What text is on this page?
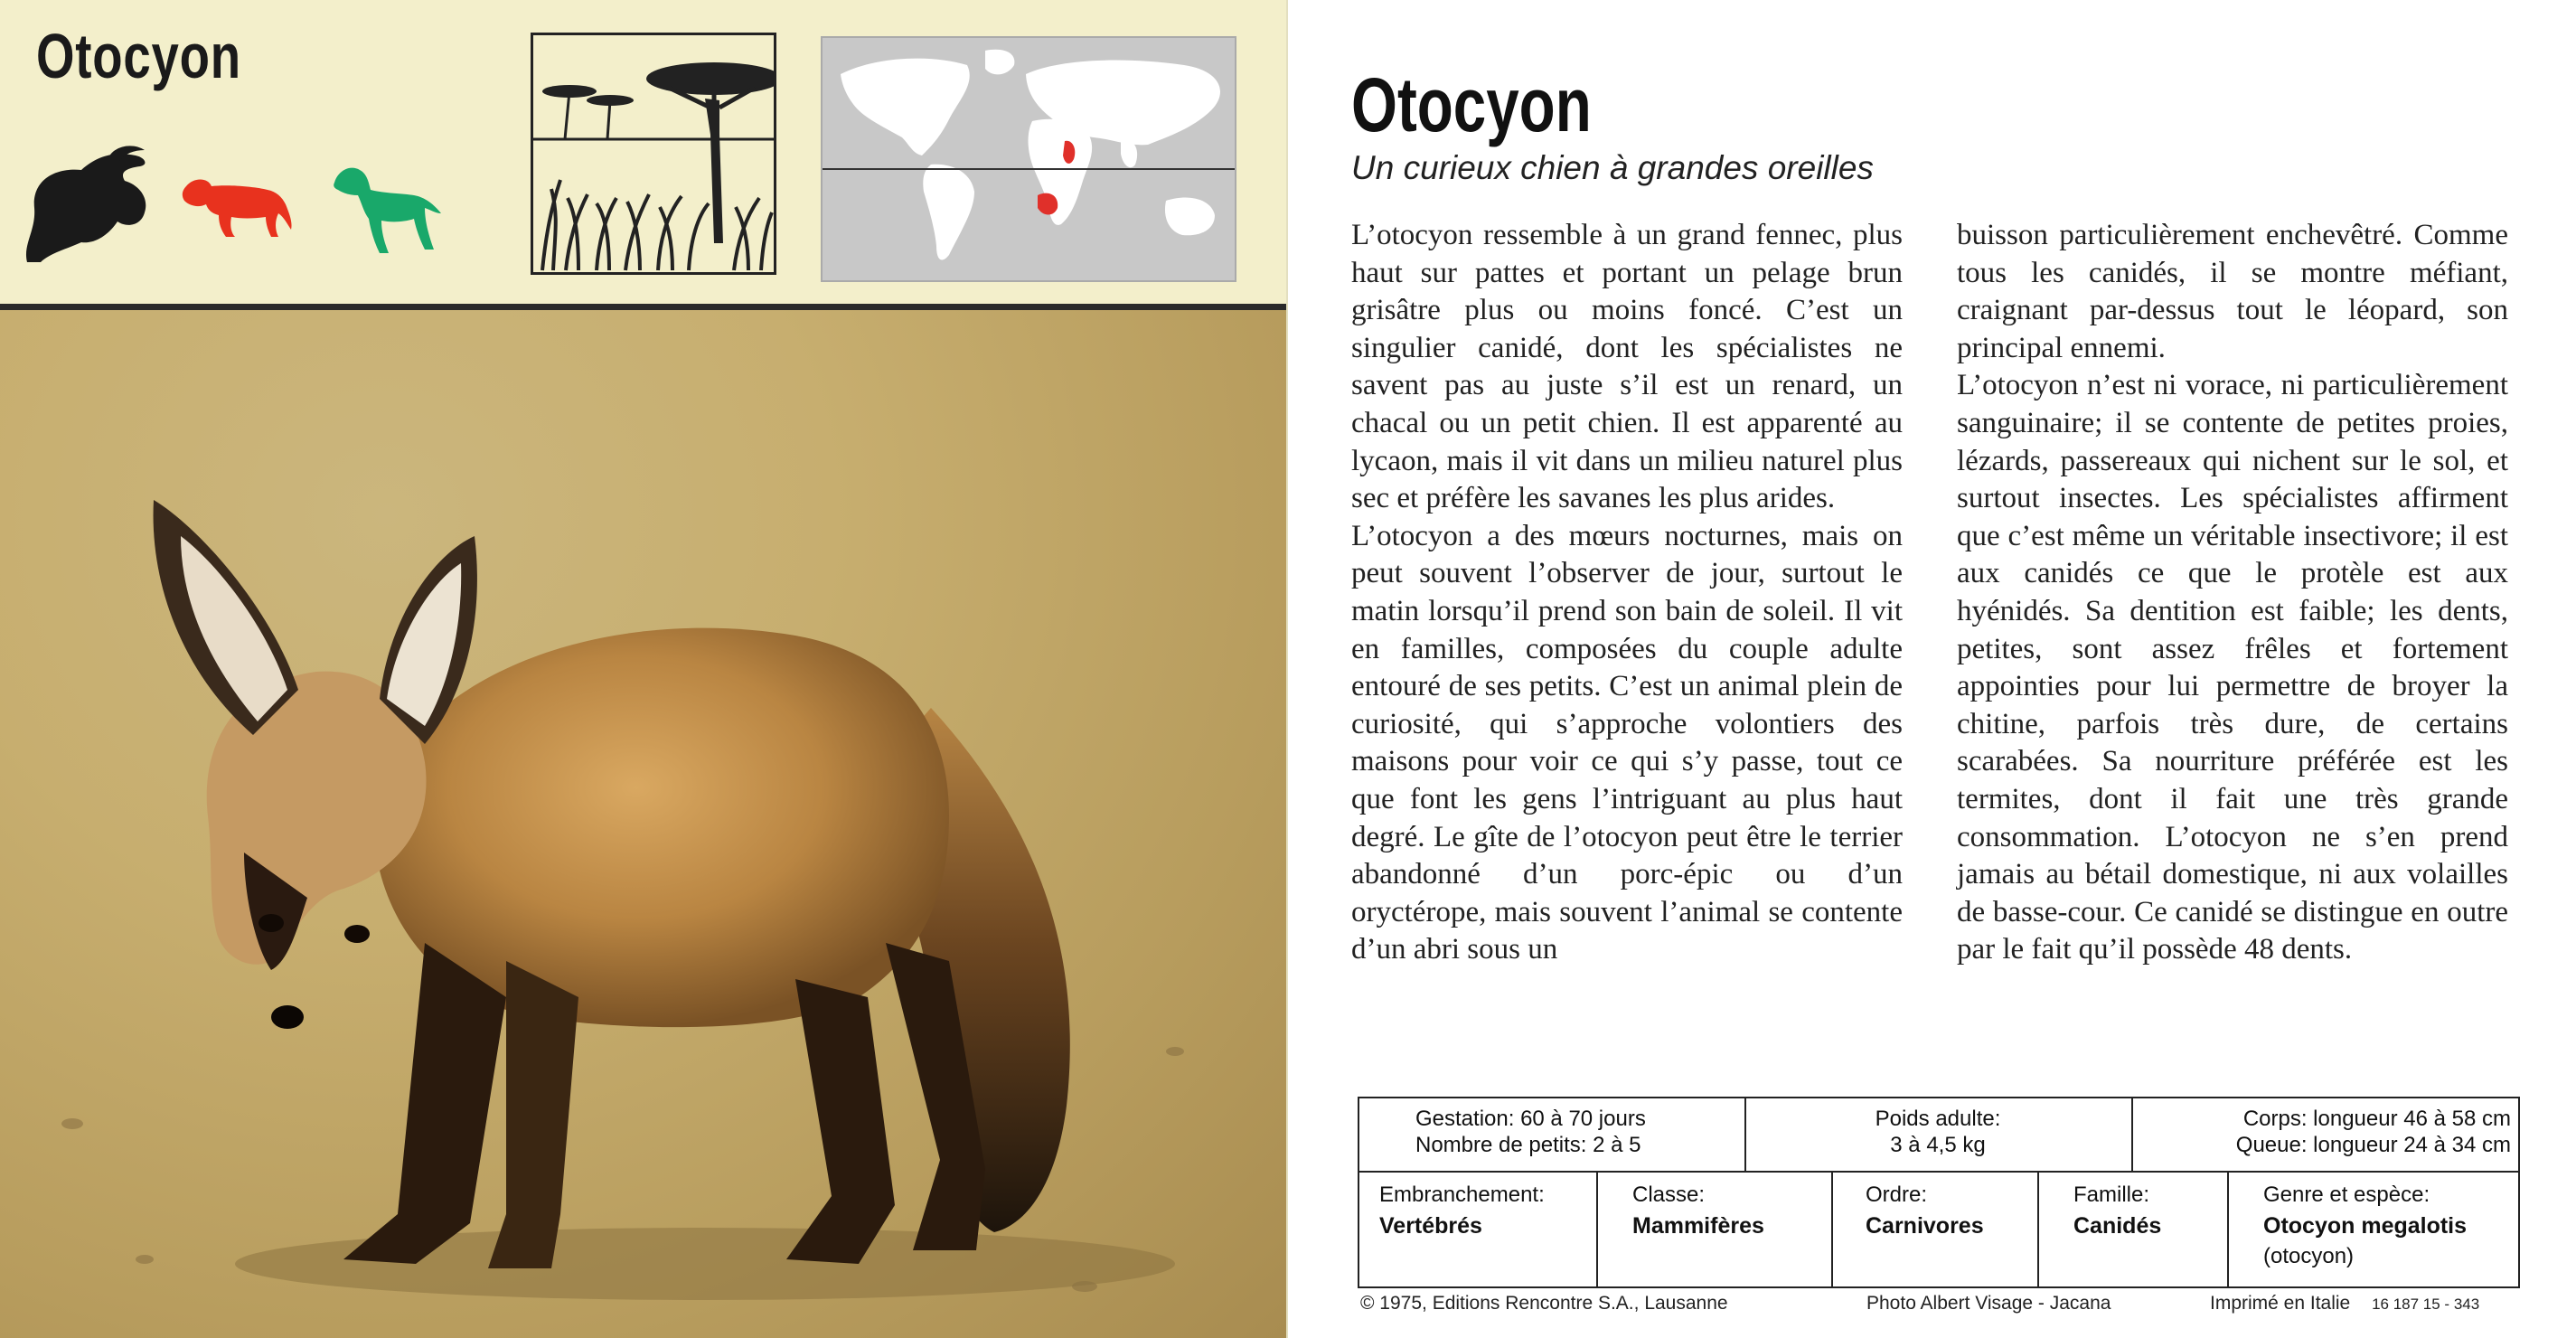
Otocyon
Otocyon
Un curieux chien à grandes oreilles

L’otocyon ressemble à un grand fennec, plus haut sur pattes et portant un pelage brun grisâtre plus ou moins foncé. C’est un singulier canidé, dont les spécialistes ne savent pas au juste s’il est un renard, un chacal ou un petit chien. Il est apparenté au lycaon, mais il vit dans un milieu naturel plus sec et préfère les savanes les plus arides.

L’otocyon a des mœurs nocturnes, mais on peut souvent l’observer de jour, surtout le matin lorsqu’il prend son bain de soleil. Il vit en familles, composées du couple adulte entouré de ses petits. C’est un animal plein de curiosité, qui s’approche volontiers des maisons pour voir ce qui s’y passe, tout ce que font les gens l’intriguant au plus haut degré. Le gîte de l’otocyon peut être le terrier abandonné d’un porc-épic ou d’un oryctérope, mais souvent l’animal se contente d’un abri sous un

buisson particulièrement enchevêtré. Comme tous les canidés, il se montre méfiant, craignant par-dessus tout le léopard, son principal ennemi.

L’otocyon n’est ni vorace, ni particulièrement sanguinaire; il se contente de petites proies, lézards, passereaux qui nichent sur le sol, et surtout insectes. Les spécialistes affirment que c’est même un véritable insectivore; il est aux canidés ce que le protèle est aux hyénidés. Sa dentition est faible; les dents, petites, sont assez frêles et fortement appointies pour lui permettre de broyer la chitine, parfois très dure, de certains scarabées. Sa nourriture préférée est les termites, dont il fait une très grande consommation. L’otocyon ne s’en prend jamais au bétail domestique, ni aux volailles de basse-cour. Ce canidé se distingue en outre par le fait qu’il possède 48 dents.

Gestation: 60 à 70 jours
Nombre de petits: 2 à 5
Poids adulte:
3 à 4,5 kg
Corps: longueur 46 à 58 cm
Queue: longueur 24 à 34 cm
Embranchement:
Vertébrés
Classe:
Mammifères
Ordre:
Carnivores
Famille:
Canidés
Genre et espèce:
Otocyon megalotis
(otocyon)
© 1975, Editions Rencontre S.A., Lausanne	Photo Albert Visage - Jacana	Imprimé en Italie 16 187 15 - 343
